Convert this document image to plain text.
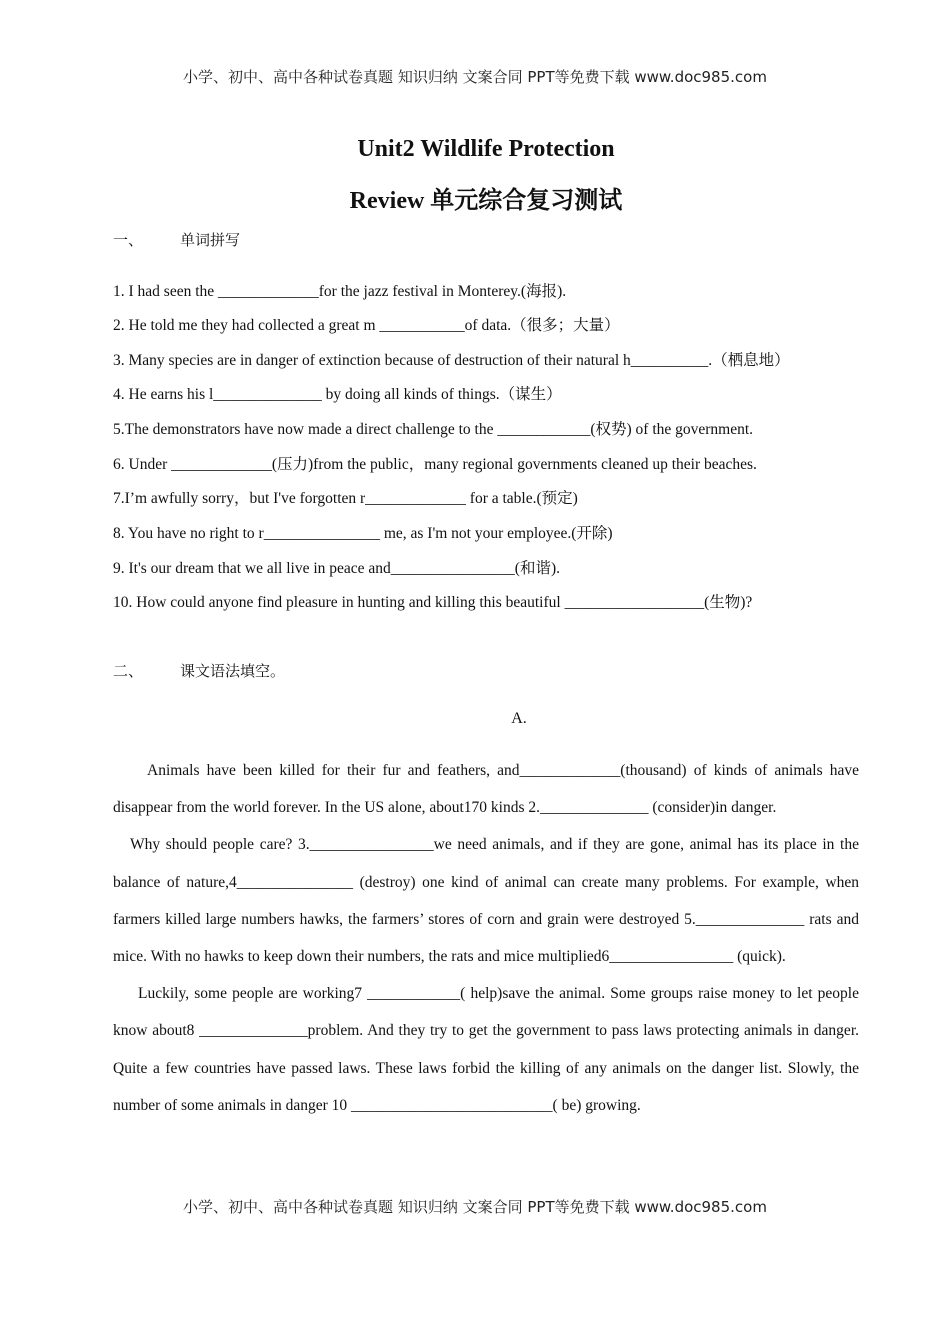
小学、初中、高中各种试卷真题 知识归纳 文案合同 PPT等免费下载 www.doc985.com
Unit2 Wildlife Protection
Review 单元综合复习测试
一、 单词拼写
1. I had seen the _____________for the jazz festival in Monterey.(海报).
2. He told me they had collected a great m ___________of data.（很多；大量）
3. Many species are in danger of extinction because of destruction of their natural h__________.（栖息地）
4. He earns his l______________ by doing all kinds of things.（谋生）
5.The demonstrators have now made a direct challenge to the ____________(权势) of the government.
6. Under _____________(压力)from the public，many regional governments cleaned up their beaches.
7.I’m awfully sorry，but I've forgotten r_____________ for a table.(预定)
8. You have no right to r_______________ me, as I'm not your employee.(开除)
9. It's our dream that we all live in peace and________________(和谐).
10. How could anyone find pleasure in hunting and killing this beautiful __________________(生物)?
二、 课文语法填空。
A.

Animals have been killed for their fur and feathers, and_____________(thousand) of kinds of animals have disappear from the world forever. In the US alone, about170 kinds 2.______________ (consider)in danger.

Why should people care? 3.________________we need animals, and if they are gone, animal has its place in the balance of nature,4_______________ (destroy) one kind of animal can create many problems. For example, when farmers killed large numbers hawks, the farmers’ stores of corn and grain were destroyed 5.______________ rats and mice. With no hawks to keep down their numbers, the rats and mice multiplied6________________ (quick).

Luckily, some people are working7 ____________( help)save the animal. Some groups raise money to let people know about8 ______________problem. And they try to get the government to pass laws protecting animals in danger. Quite a few countries have passed laws. These laws forbid the killing of any animals on the danger list. Slowly, the number of some animals in danger 10 __________________________( be) growing.

小学、初中、高中各种试卷真题 知识归纳 文案合同 PPT等免费下载 www.doc985.com
